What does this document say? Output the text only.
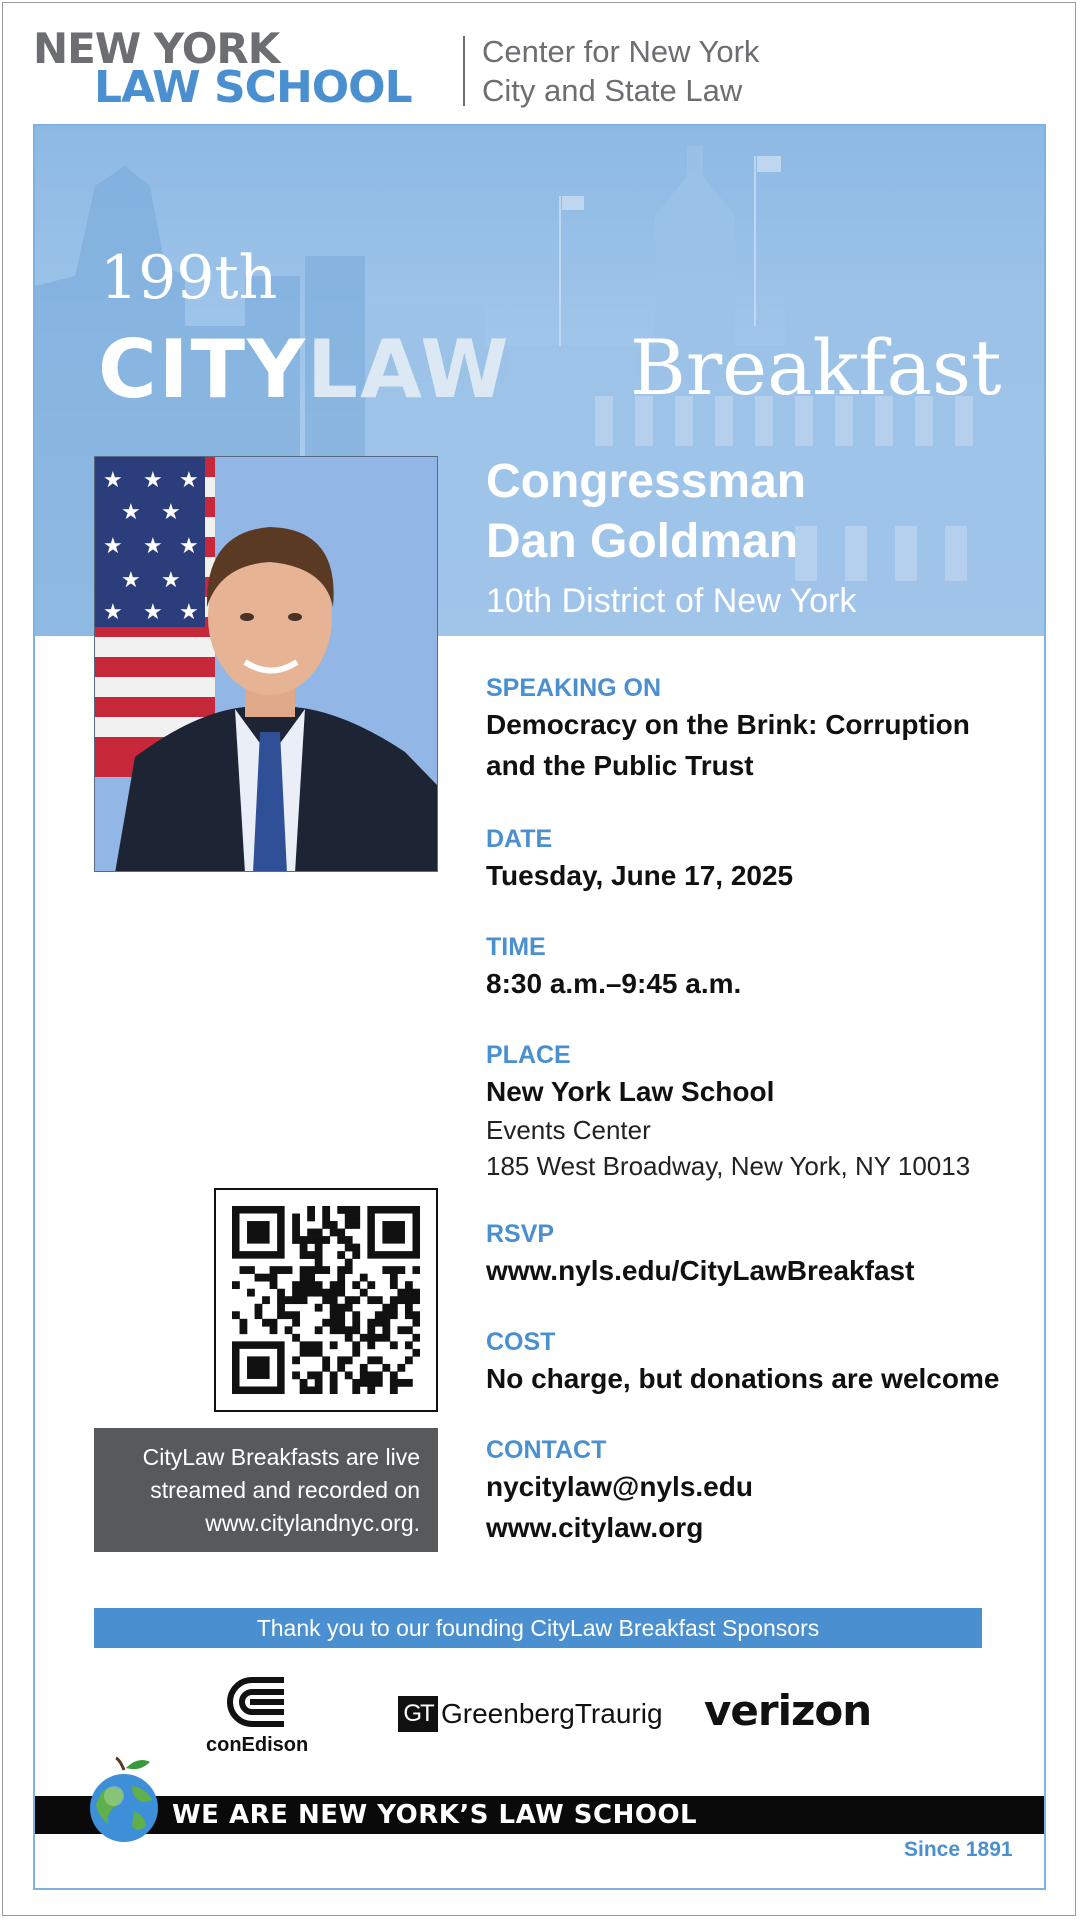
NEW YORK
LAW SCHOOL
Center for New York
City and State Law
199th
CITYLAW Breakfast
★ ★ ★
★ ★
★ ★ ★
★ ★
★ ★ ★
Congressman
Dan Goldman
10th District of New York
SPEAKING ON
Democracy on the Brink: Corruption
and the Public Trust
DATE
Tuesday, June 17, 2025
TIME
8:30 a.m.–9:45 a.m.
PLACE
New York Law School
Events Center
185 West Broadway, New York, NY 10013
RSVP
www.nyls.edu/CityLawBreakfast
COST
No charge, but donations are welcome
CONTACT
nycitylaw@nyls.edu
www.citylaw.org
CityLaw Breakfasts are live
streamed and recorded on
www.citylandnyc.org.
Thank you to our founding CityLaw Breakfast Sponsors
conEdison
GT GreenbergTraurig verizon
WE ARE NEW YORK’S LAW SCHOOL
Since 1891
